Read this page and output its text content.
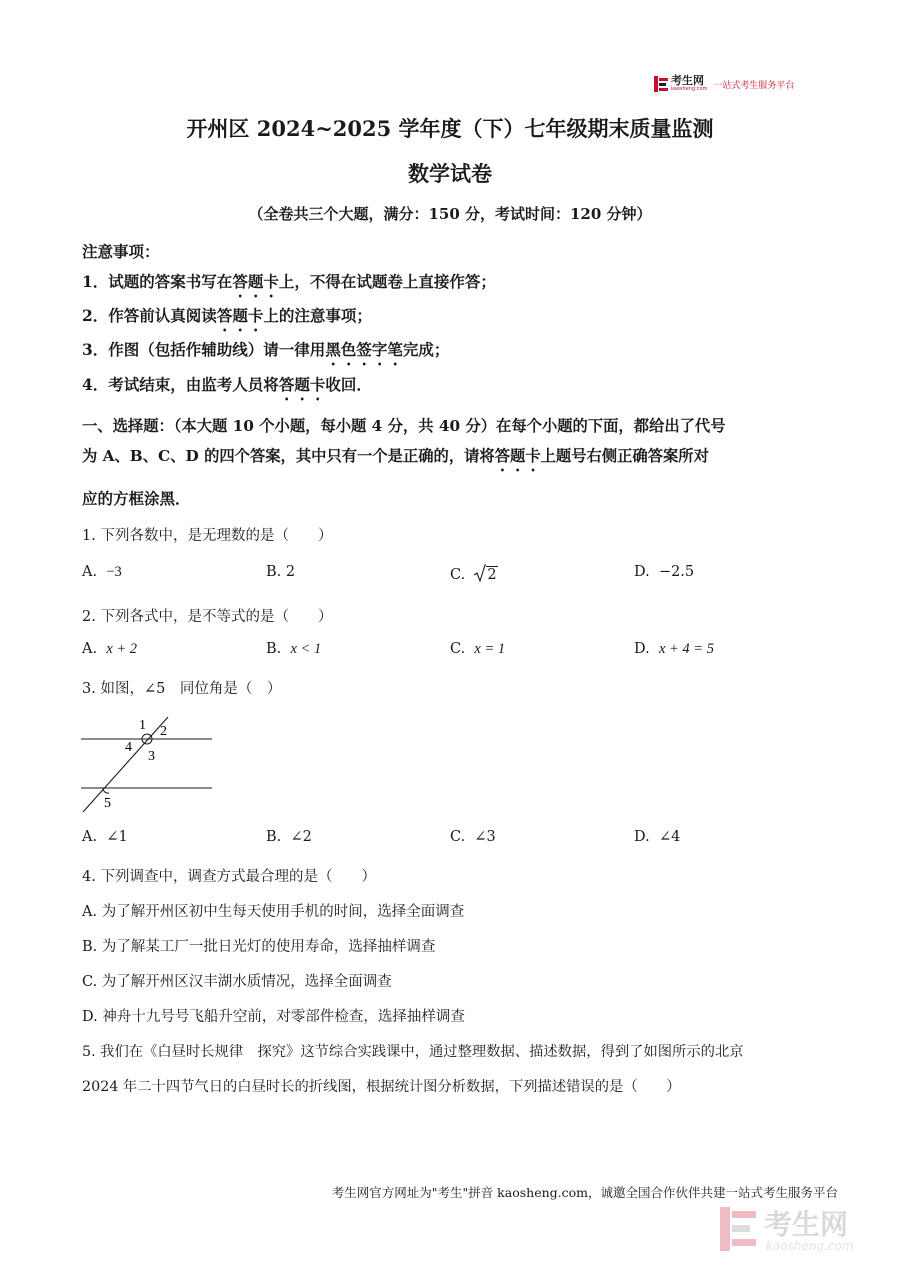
考生网
kaosheng.com 一站式考生服务平台
开州区 2024~2025 学年度（下）七年级期末质量监测
数学试卷
（全卷共三个大题，满分：150 分，考试时间：120 分钟）
注意事项：
1．试题的答案书写在答题卡上，不得在试题卷上直接作答；
2．作答前认真阅读答题卡上的注意事项；
3．作图（包括作辅助线）请一律用黑色签字笔完成；
4．考试结束，由监考人员将答题卡收回．
一、选择题：（本大题 10 个小题，每小题 4 分，共 40 分）在每个小题的下面，都给出了代号
为 A、B、C、D 的四个答案，其中只有一个是正确的，请将答题卡上题号右侧正确答案所对
应的方框涂黑．
1. 下列各数中，是无理数的是（　　）
A. −3	B. 2	C. 2	D. −2.5
2. 下列各式中，是不等式的是（　　）
A. x + 2	B. x < 1	C. x = 1	D. x + 4 = 5
3. 如图，∠5　同位角是（　）
1 2
4
3
5
A. ∠1	B. ∠2	C. ∠3	D. ∠4
4. 下列调查中，调查方式最合理的是（　　）
A. 为了解开州区初中生每天使用手机的时间，选择全面调查
B. 为了解某工厂一批日光灯的使用寿命，选择抽样调查
C. 为了解开州区汉丰湖水质情况，选择全面调查
D. 神舟十九号号飞船升空前，对零部件检查，选择抽样调查
5. 我们在《白昼时长规律　探究》这节综合实践课中，通过整理数据、描述数据，得到了如图所示的北京
2024 年二十四节气日的白昼时长的折线图，根据统计图分析数据，下列描述错误的是（　　）
考生网官方网址为"考生"拼音 kaosheng.com，诚邀全国合作伙伴共建一站式考生服务平台
考生网
kaosheng.com
